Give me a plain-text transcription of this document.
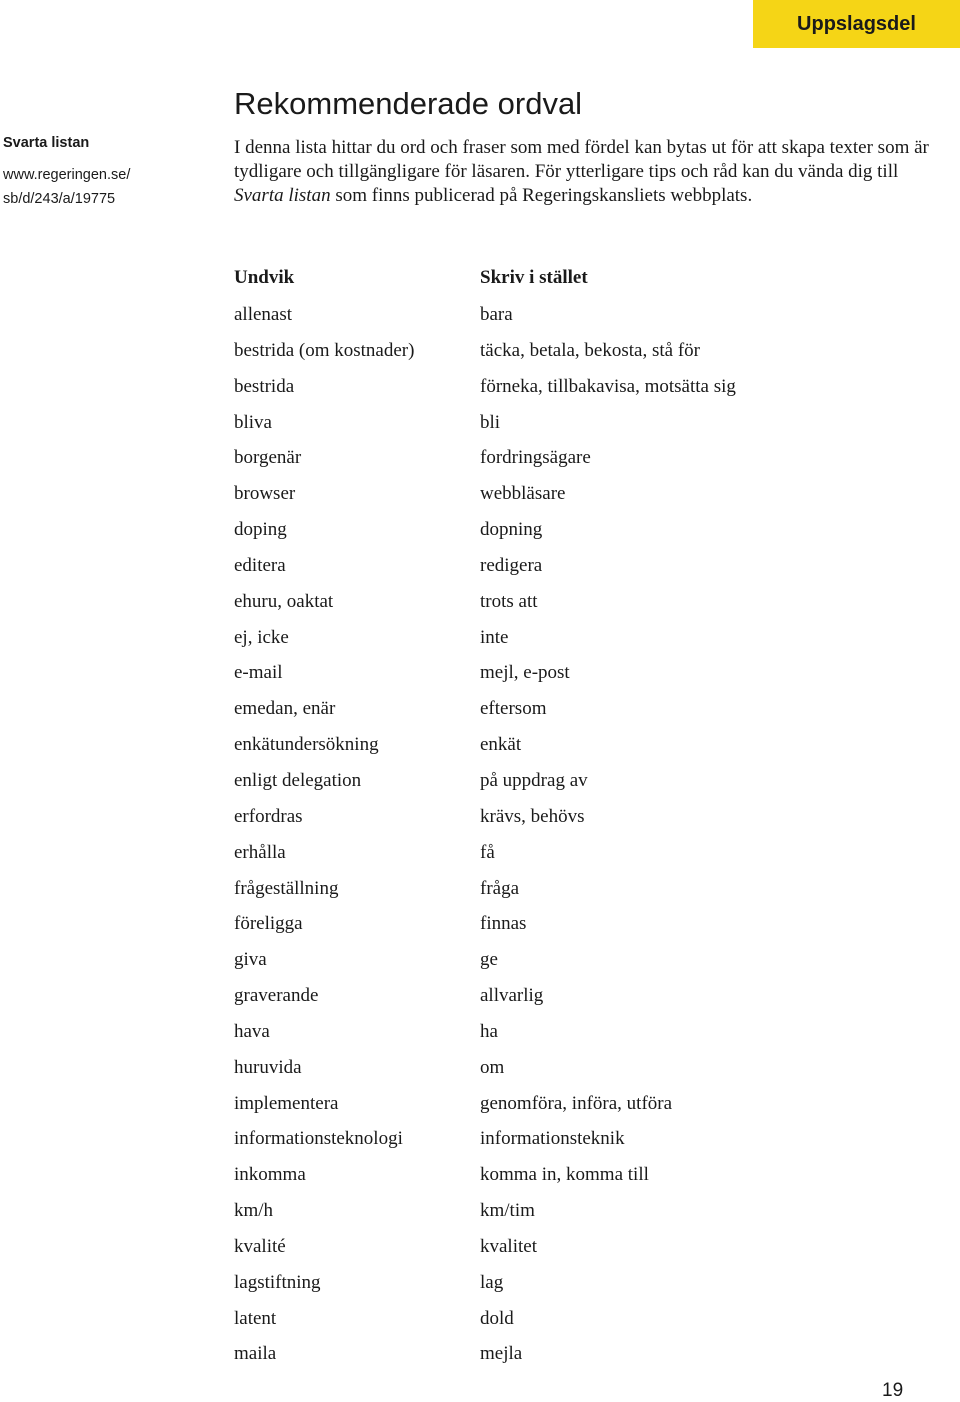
Uppslagsdel
Svarta listan
www.regeringen.se/
sb/d/243/a/19775
Rekommenderade ordval

I denna lista hittar du ord och fraser som med fördel kan bytas ut för att skapa texter som är tydligare och tillgängligare för läsaren. För ytterligare tips och råd kan du vända dig till Svarta listan som finns publicerad på Regeringskansliets webbplats.

Undvik	Skriv i stället
allenast	bara
bestrida (om kostnader)	täcka, betala, bekosta, stå för
bestrida	förneka, tillbakavisa, motsätta sig
bliva	bli
borgenär	fordringsägare
browser	webbläsare
doping	dopning
editera	redigera
ehuru, oaktat	trots att
ej, icke	inte
e-mail	mejl, e-post
emedan, enär	eftersom
enkätundersökning	enkät
enligt delegation	på uppdrag av
erfordras	krävs, behövs
erhålla	få
frågeställning	fråga
föreligga	finnas
giva	ge
graverande	allvarlig
hava	ha
huruvida	om
implementera	genomföra, införa, utföra
informationsteknologi	informationsteknik
inkomma	komma in, komma till
km/h	km/tim
kvalité	kvalitet
lagstiftning	lag
latent	dold
maila	mejla
19
